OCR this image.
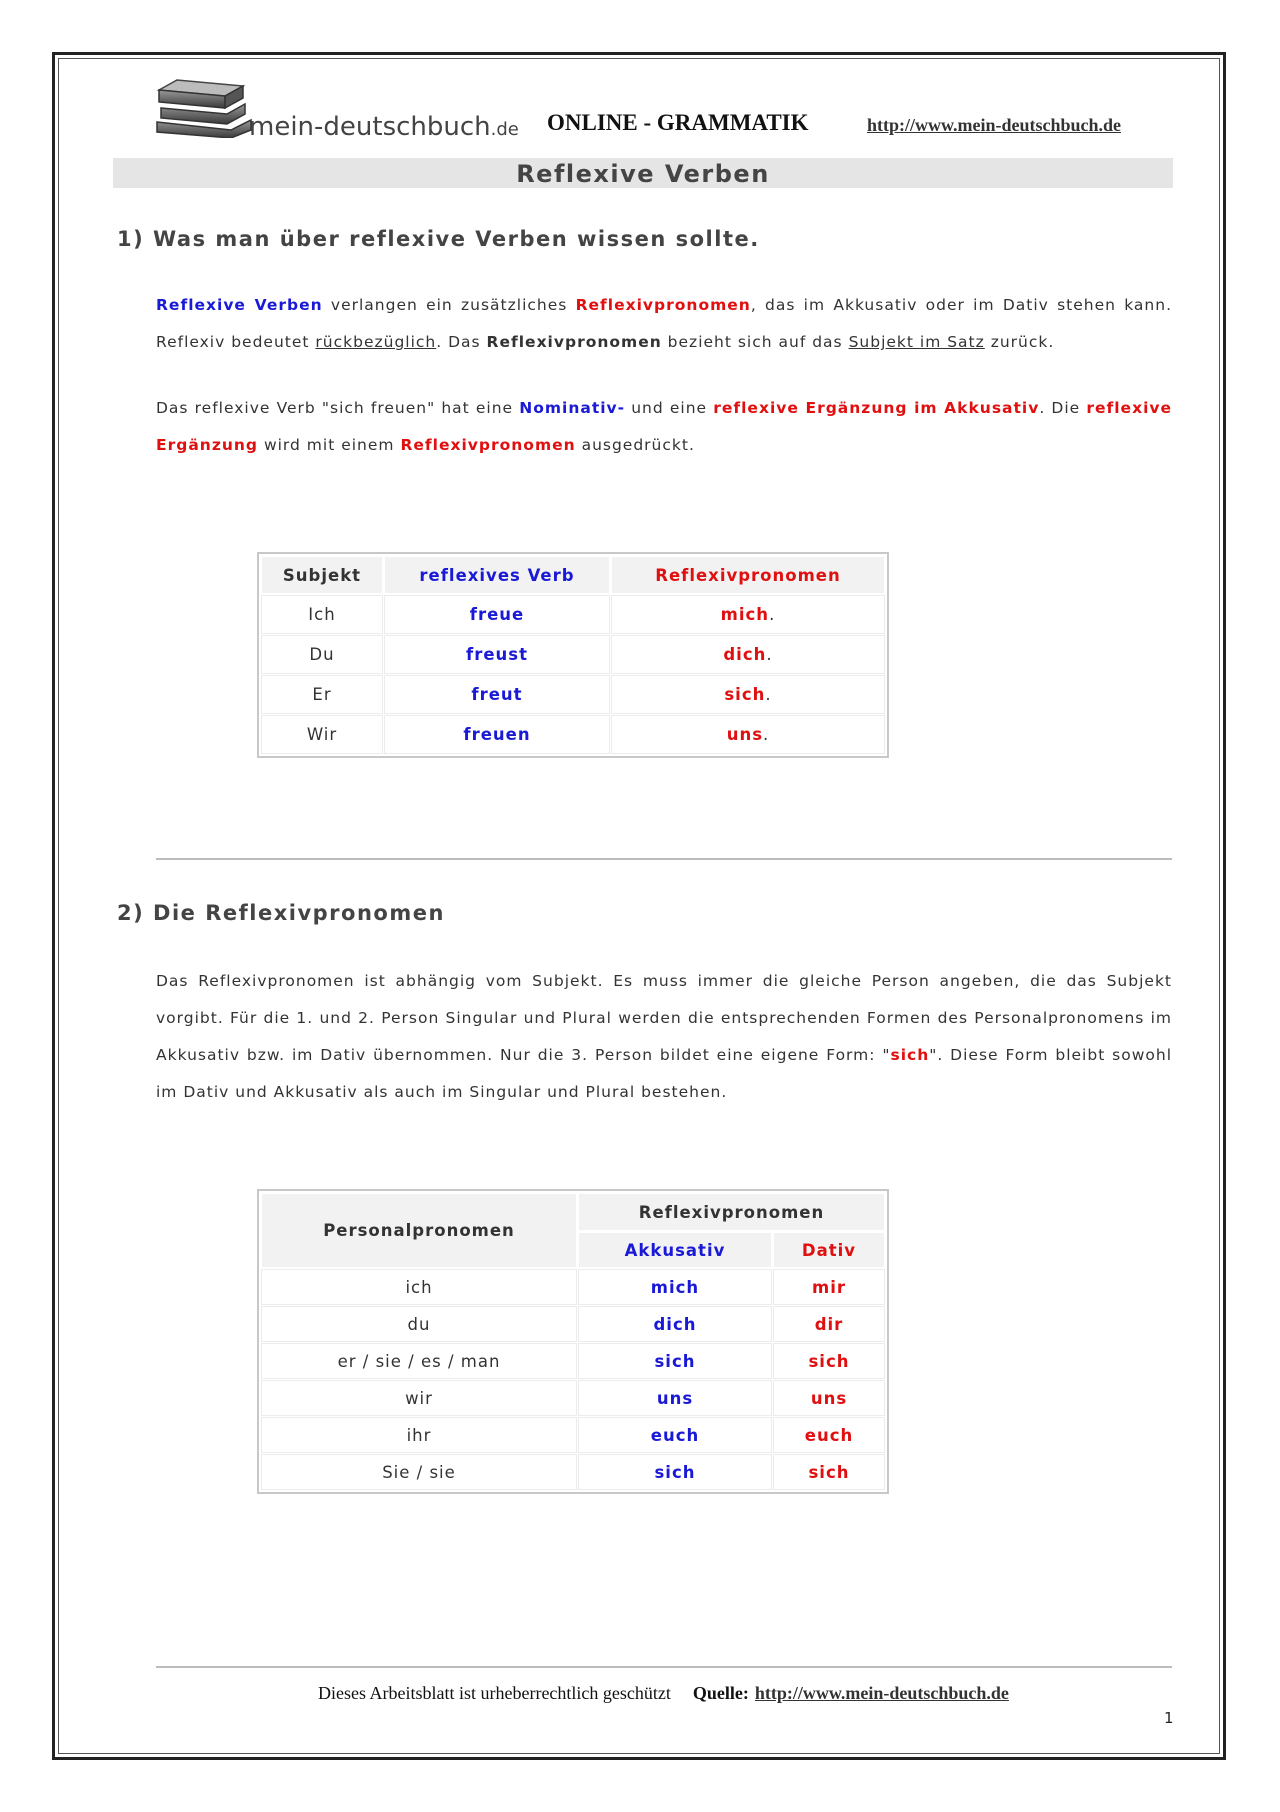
mein-deutschbuch.de ONLINE - GRAMMATIK	http://www.mein-deutschbuch.de
Reflexive Verben
1) Was man über reflexive Verben wissen sollte.
Reflexive Verben verlangen ein zusätzliches Reflexivpronomen, das im Akkusativ oder im Dativ stehen kann. Reflexiv bedeutet rückbezüglich. Das Reflexivpronomen bezieht sich auf das Subjekt im Satz zurück.
Das reflexive Verb "sich freuen" hat eine Nominativ- und eine reflexive Ergänzung im Akkusativ. Die reflexive Ergänzung wird mit einem Reflexivpronomen ausgedrückt.
Subjekt	reflexives Verb	Reflexivpronomen
Ich	freue	mich.
Du	freust	dich.
Er	freut	sich.
Wir	freuen	uns.
2) Die Reflexivpronomen
Das Reflexivpronomen ist abhängig vom Subjekt. Es muss immer die gleiche Person angeben, die das Subjekt vorgibt. Für die 1. und 2. Person Singular und Plural werden die entsprechenden Formen des Personalpronomens im Akkusativ bzw. im Dativ übernommen. Nur die 3. Person bildet eine eigene Form: "sich". Diese Form bleibt sowohl im Dativ und Akkusativ als auch im Singular und Plural bestehen.
Personalpronomen	Reflexivpronomen	
	Akkusativ	Dativ
ich	mich	mir
du	dich	dir
er / sie / es / man	sich	sich
wir	uns	uns
ihr	euch	euch
Sie / sie	sich	sich
Dieses Arbeitsblatt ist urheberrechtlich geschützt Quelle: http://www.mein-deutschbuch.de
1
